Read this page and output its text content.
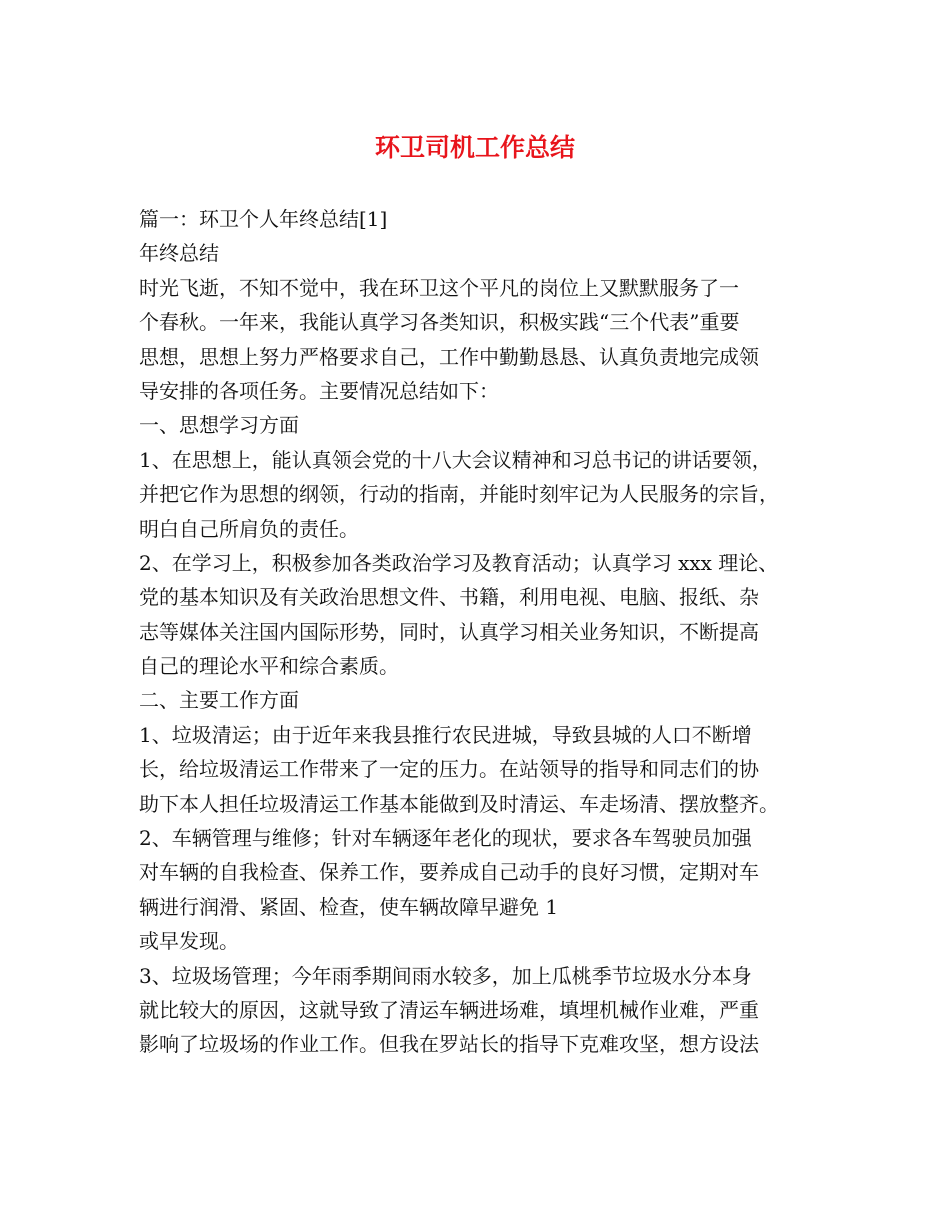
环卫司机工作总结
篇一：环卫个人年终总结[1]
年终总结
时光飞逝，不知不觉中，我在环卫这个平凡的岗位上又默默服务了一
个春秋。一年来，我能认真学习各类知识，积极实践“三个代表”重要
思想，思想上努力严格要求自己，工作中勤勤恳恳、认真负责地完成领
导安排的各项任务。主要情况总结如下：
一、思想学习方面
1、在思想上，能认真领会党的十八大会议精神和习总书记的讲话要领，
并把它作为思想的纲领，行动的指南，并能时刻牢记为人民服务的宗旨，
明白自己所肩负的责任。
2、在学习上，积极参加各类政治学习及教育活动；认真学习 xxx 理论、
党的基本知识及有关政治思想文件、书籍，利用电视、电脑、报纸、杂
志等媒体关注国内国际形势，同时，认真学习相关业务知识，不断提高
自己的理论水平和综合素质。
二、主要工作方面
1、垃圾清运；由于近年来我县推行农民进城，导致县城的人口不断增
长，给垃圾清运工作带来了一定的压力。在站领导的指导和同志们的协
助下本人担任垃圾清运工作基本能做到及时清运、车走场清、摆放整齐。
2、车辆管理与维修；针对车辆逐年老化的现状，要求各车驾驶员加强
对车辆的自我检查、保养工作，要养成自己动手的良好习惯，定期对车
辆进行润滑、紧固、检查，使车辆故障早避免 1
或早发现。
3、垃圾场管理；今年雨季期间雨水较多，加上瓜桃季节垃圾水分本身
就比较大的原因，这就导致了清运车辆进场难，填埋机械作业难，严重
影响了垃圾场的作业工作。但我在罗站长的指导下克难攻坚，想方设法
